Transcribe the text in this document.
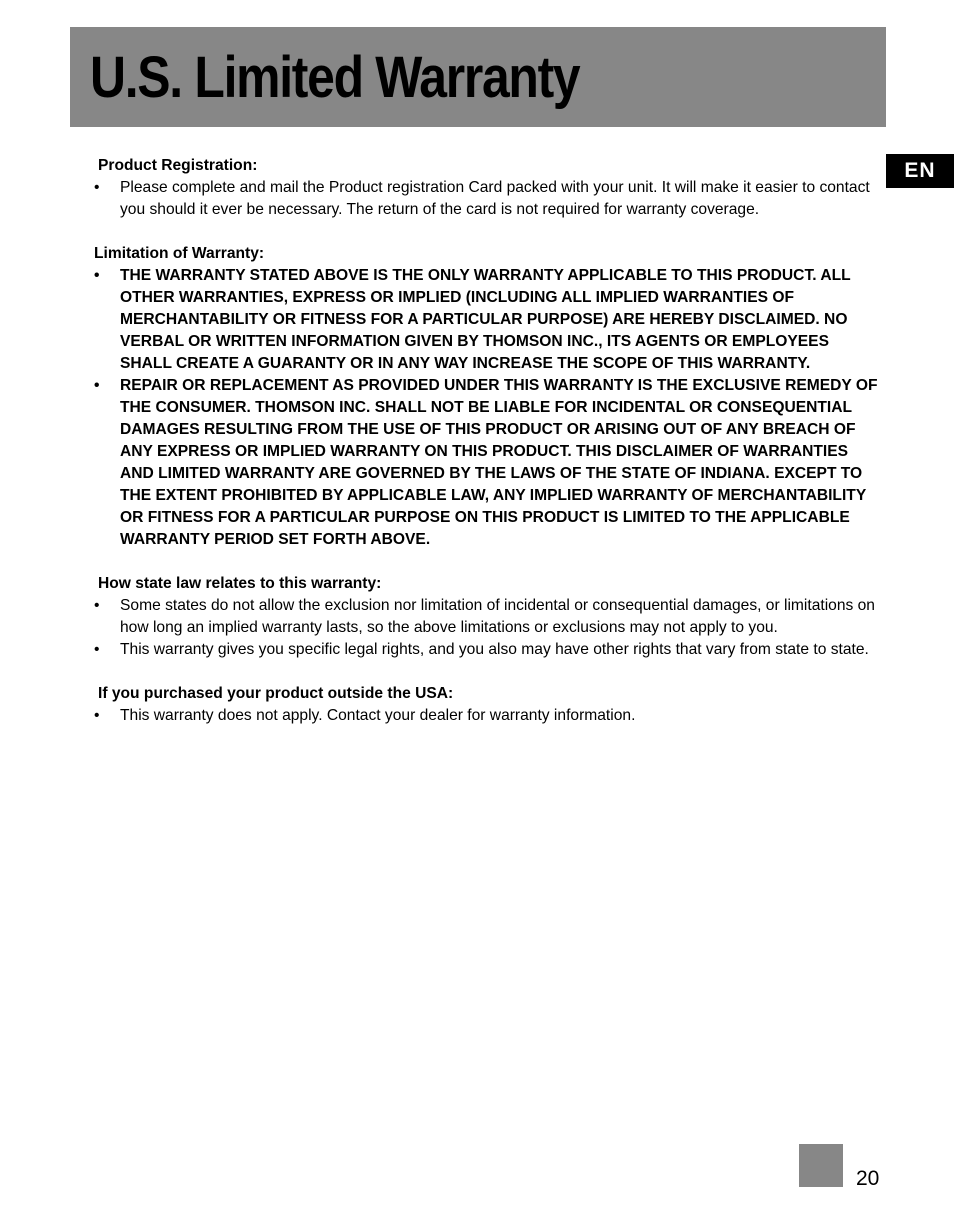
U.S. Limited Warranty
EN

Product Registration:

•	Please complete and mail the Product registration Card packed with your unit. It will make it easier to contact you should it ever be necessary. The return of the card is not required for warranty coverage.

Limitation of Warranty:

•	THE WARRANTY STATED ABOVE IS THE ONLY WARRANTY APPLICABLE TO THIS PRODUCT. ALL OTHER WARRANTIES, EXPRESS OR IMPLIED (INCLUDING ALL IMPLIED WARRANTIES OF MERCHANTABILITY OR FITNESS FOR A PARTICULAR PURPOSE) ARE HEREBY DISCLAIMED. NO VERBAL OR WRITTEN INFORMATION GIVEN BY THOMSON INC., ITS AGENTS OR EMPLOYEES SHALL CREATE A GUARANTY OR IN ANY WAY INCREASE THE SCOPE OF THIS WARRANTY.
•	REPAIR OR REPLACEMENT AS PROVIDED UNDER THIS WARRANTY IS THE EXCLUSIVE REMEDY OF THE CONSUMER. THOMSON INC. SHALL NOT BE LIABLE FOR INCIDENTAL OR CONSEQUENTIAL DAMAGES RESULTING FROM THE USE OF THIS PRODUCT OR ARISING OUT OF ANY BREACH OF ANY EXPRESS OR IMPLIED WARRANTY ON THIS PRODUCT. THIS DISCLAIMER OF WARRANTIES AND LIMITED WARRANTY ARE GOVERNED BY THE LAWS OF THE STATE OF INDIANA. EXCEPT TO THE EXTENT PROHIBITED BY APPLICABLE LAW, ANY IMPLIED WARRANTY OF MERCHANTABILITY OR FITNESS FOR A PARTICULAR PURPOSE ON THIS PRODUCT IS LIMITED TO THE APPLICABLE WARRANTY PERIOD SET FORTH ABOVE.

How state law relates to this warranty:

•	Some states do not allow the exclusion nor limitation of incidental or consequential damages, or limitations on how long an implied warranty lasts, so the above limitations or exclusions may not apply to you.
•	This warranty gives you specific legal rights, and you also may have other rights that vary from state to state.

If you purchased your product outside the USA:

•	This warranty does not apply. Contact your dealer for warranty information.
20
